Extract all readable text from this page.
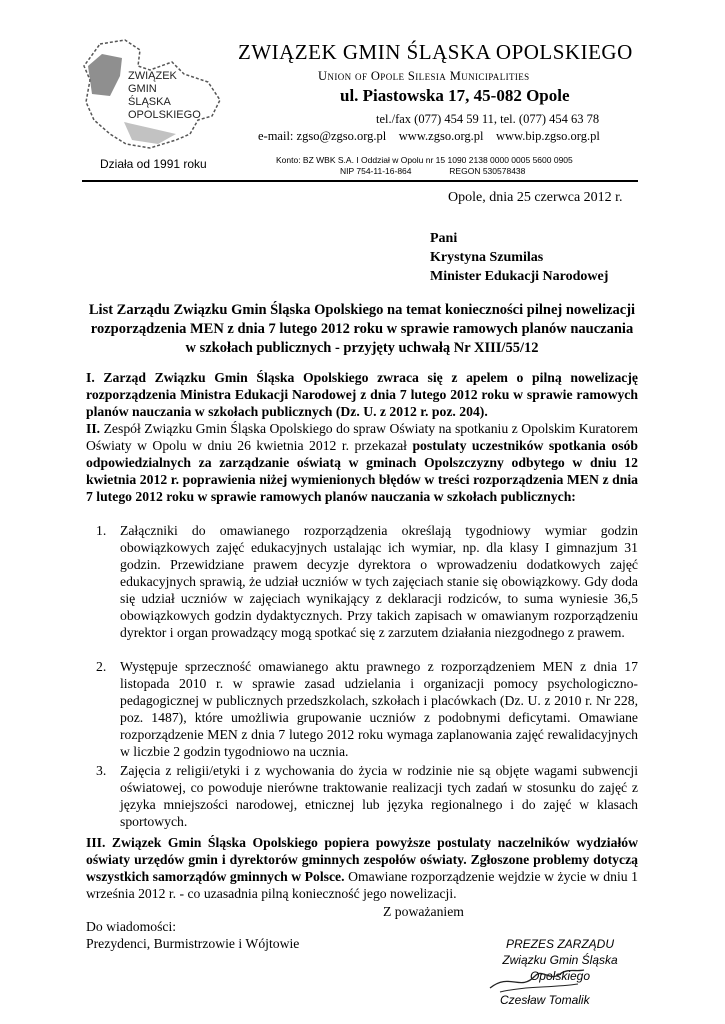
ZWIĄZEK
GMIN
ŚLĄSKA
OPOLSKIEGO
Działa od 1991 roku
ZWIĄZEK GMIN ŚLĄSKA OPOLSKIEGO
Union of Opole Silesia Municipalities
ul. Piastowska 17, 45-082 Opole
tel./fax (077) 454 59 11, tel. (077) 454 63 78
e-mail: zgso@zgso.org.pl    www.zgso.org.pl    www.bip.zgso.org.pl
Konto: BZ WBK S.A. I Oddział w Opolu nr 15 1090 2138 0000 0005 5600 0905
NIP 754-11-16-864                REGON 530578438
Opole, dnia 25 czerwca 2012 r.
Pani
Krystyna Szumilas
Minister Edukacji Narodowej
List Zarządu Związku Gmin Śląska Opolskiego na temat konieczności pilnej nowelizacji rozporządzenia MEN z dnia 7 lutego 2012 roku w sprawie ramowych planów nauczania w szkołach publicznych - przyjęty uchwałą Nr XIII/55/12
I. Zarząd Związku Gmin Śląska Opolskiego zwraca się z apelem o pilną nowelizację rozporządzenia Ministra Edukacji Narodowej z dnia 7 lutego 2012 roku w sprawie ramowych planów nauczania w szkołach publicznych (Dz. U. z 2012 r. poz. 204).
II. Zespół Związku Gmin Śląska Opolskiego do spraw Oświaty na spotkaniu z Opolskim Kuratorem Oświaty w Opolu w dniu 26 kwietnia 2012 r. przekazał postulaty uczestników spotkania osób odpowiedzialnych za zarządzanie oświatą w gminach Opolszczyzny odbytego w dniu 12 kwietnia 2012 r. poprawienia niżej wymienionych błędów w treści rozporządzenia MEN z dnia 7 lutego 2012 roku w sprawie ramowych planów nauczania w szkołach publicznych:
1.	Załączniki do omawianego rozporządzenia określają tygodniowy wymiar godzin obowiązkowych zajęć edukacyjnych ustalając ich wymiar, np. dla klasy I gimnazjum 31 godzin. Przewidziane prawem decyzje dyrektora o wprowadzeniu dodatkowych zajęć edukacyjnych sprawią, że udział uczniów w tych zajęciach stanie się obowiązkowy. Gdy doda się udział uczniów w zajęciach wynikający z deklaracji rodziców, to suma wyniesie 36,5 obowiązkowych godzin dydaktycznych. Przy takich zapisach w omawianym rozporządzeniu dyrektor i organ prowadzący mogą spotkać się z zarzutem działania niezgodnego z prawem.
2.	Występuje sprzeczność omawianego aktu prawnego z rozporządzeniem MEN z dnia 17 listopada 2010 r. w sprawie zasad udzielania i organizacji pomocy psychologiczno-pedagogicznej w publicznych przedszkolach, szkołach i placówkach (Dz. U. z 2010 r. Nr 228, poz. 1487), które umożliwia grupowanie uczniów z podobnymi deficytami. Omawiane rozporządzenie MEN z dnia 7 lutego 2012 roku wymaga zaplanowania zajęć rewalidacyjnych w liczbie 2 godzin tygodniowo na ucznia.
3.	Zajęcia z religii/etyki i z wychowania do życia w rodzinie nie są objęte wagami subwencji oświatowej, co powoduje nierówne traktowanie realizacji tych zadań w stosunku do zajęć z języka mniejszości narodowej, etnicznej lub języka regionalnego i do zajęć w klasach sportowych.
III. Związek Gmin Śląska Opolskiego popiera powyższe postulaty naczelników wydziałów oświaty urzędów gmin i dyrektorów gminnych zespołów oświaty. Zgłoszone problemy dotyczą wszystkich samorządów gminnych w Polsce. Omawiane rozporządzenie wejdzie w życie w dniu 1 września 2012 r. - co uzasadnia pilną konieczność jego nowelizacji.
Z poważaniem
Do wiadomości:
Prezydenci, Burmistrzowie i Wójtowie	PREZES ZARZĄDU
Związku Gmin Śląska Opolskiego
Czesław Tomalik
